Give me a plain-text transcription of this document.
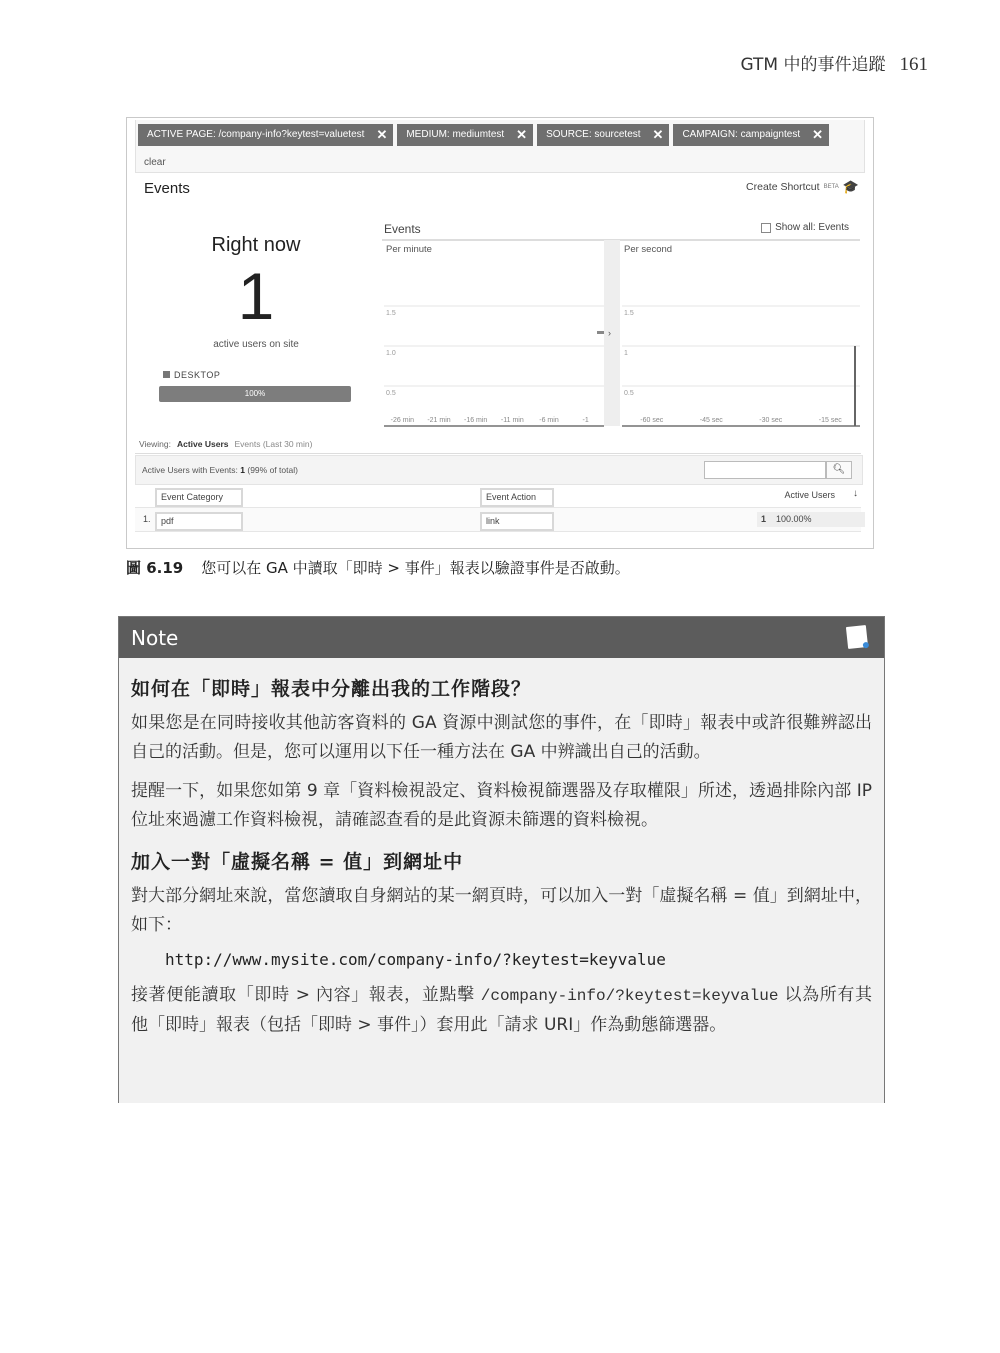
GTM 中的事件追蹤 161
ACTIVE PAGE: /company-info?keytest=valuetest ✕ MEDIUM: mediumtest ✕ SOURCE: sourcetest ✕ CAMPAIGN: campaigntest ✕
clear
Events	Create Shortcut BETA 🎓
Right now
1
active users on site
DESKTOP
100%
Events	Show all: Events
›
Per minute
1.5
1.0
0.5
-26 min -21 min -16 min -11 min -6 min	-1
Per second
1.5
1
0.5
-60 sec	-45 sec	-30 sec	-15 sec
Viewing: Active Users Events (Last 30 min)
Active Users with Events: 1 (99% of total)	🔍︎
Event Category	Event Action	Active Users ↓
1.	pdf	link	1 100.00%
圖 6.19 您可以在 GA 中讀取「即時 > 事件」報表以驗證事件是否啟動。
Note
如何在「即時」報表中分離出我的工作階段？

如果您是在同時接收其他訪客資料的 GA 資源中測試您的事件，在「即時」報表中或許很難辨認出自己的活動。但是，您可以運用以下任一種方法在 GA 中辨識出自己的活動。

提醒一下，如果您如第 9 章「資料檢視設定、資料檢視篩選器及存取權限」所述，透過排除內部 IP 位址來過濾工作資料檢視，請確認查看的是此資源未篩選的資料檢視。

加入一對「虛擬名稱 = 值」到網址中

對大部分網址來說，當您讀取自身網站的某一網頁時，可以加入一對「虛擬名稱 = 值」到網址中，如下：

http://www.mysite.com/company-info/?keytest=keyvalue

接著便能讀取「即時 > 內容」報表，並點擊 /company-info/?keytest=keyvalue 以為所有其他「即時」報表（包括「即時 > 事件」）套用此「請求 URI」作為動態篩選器。
